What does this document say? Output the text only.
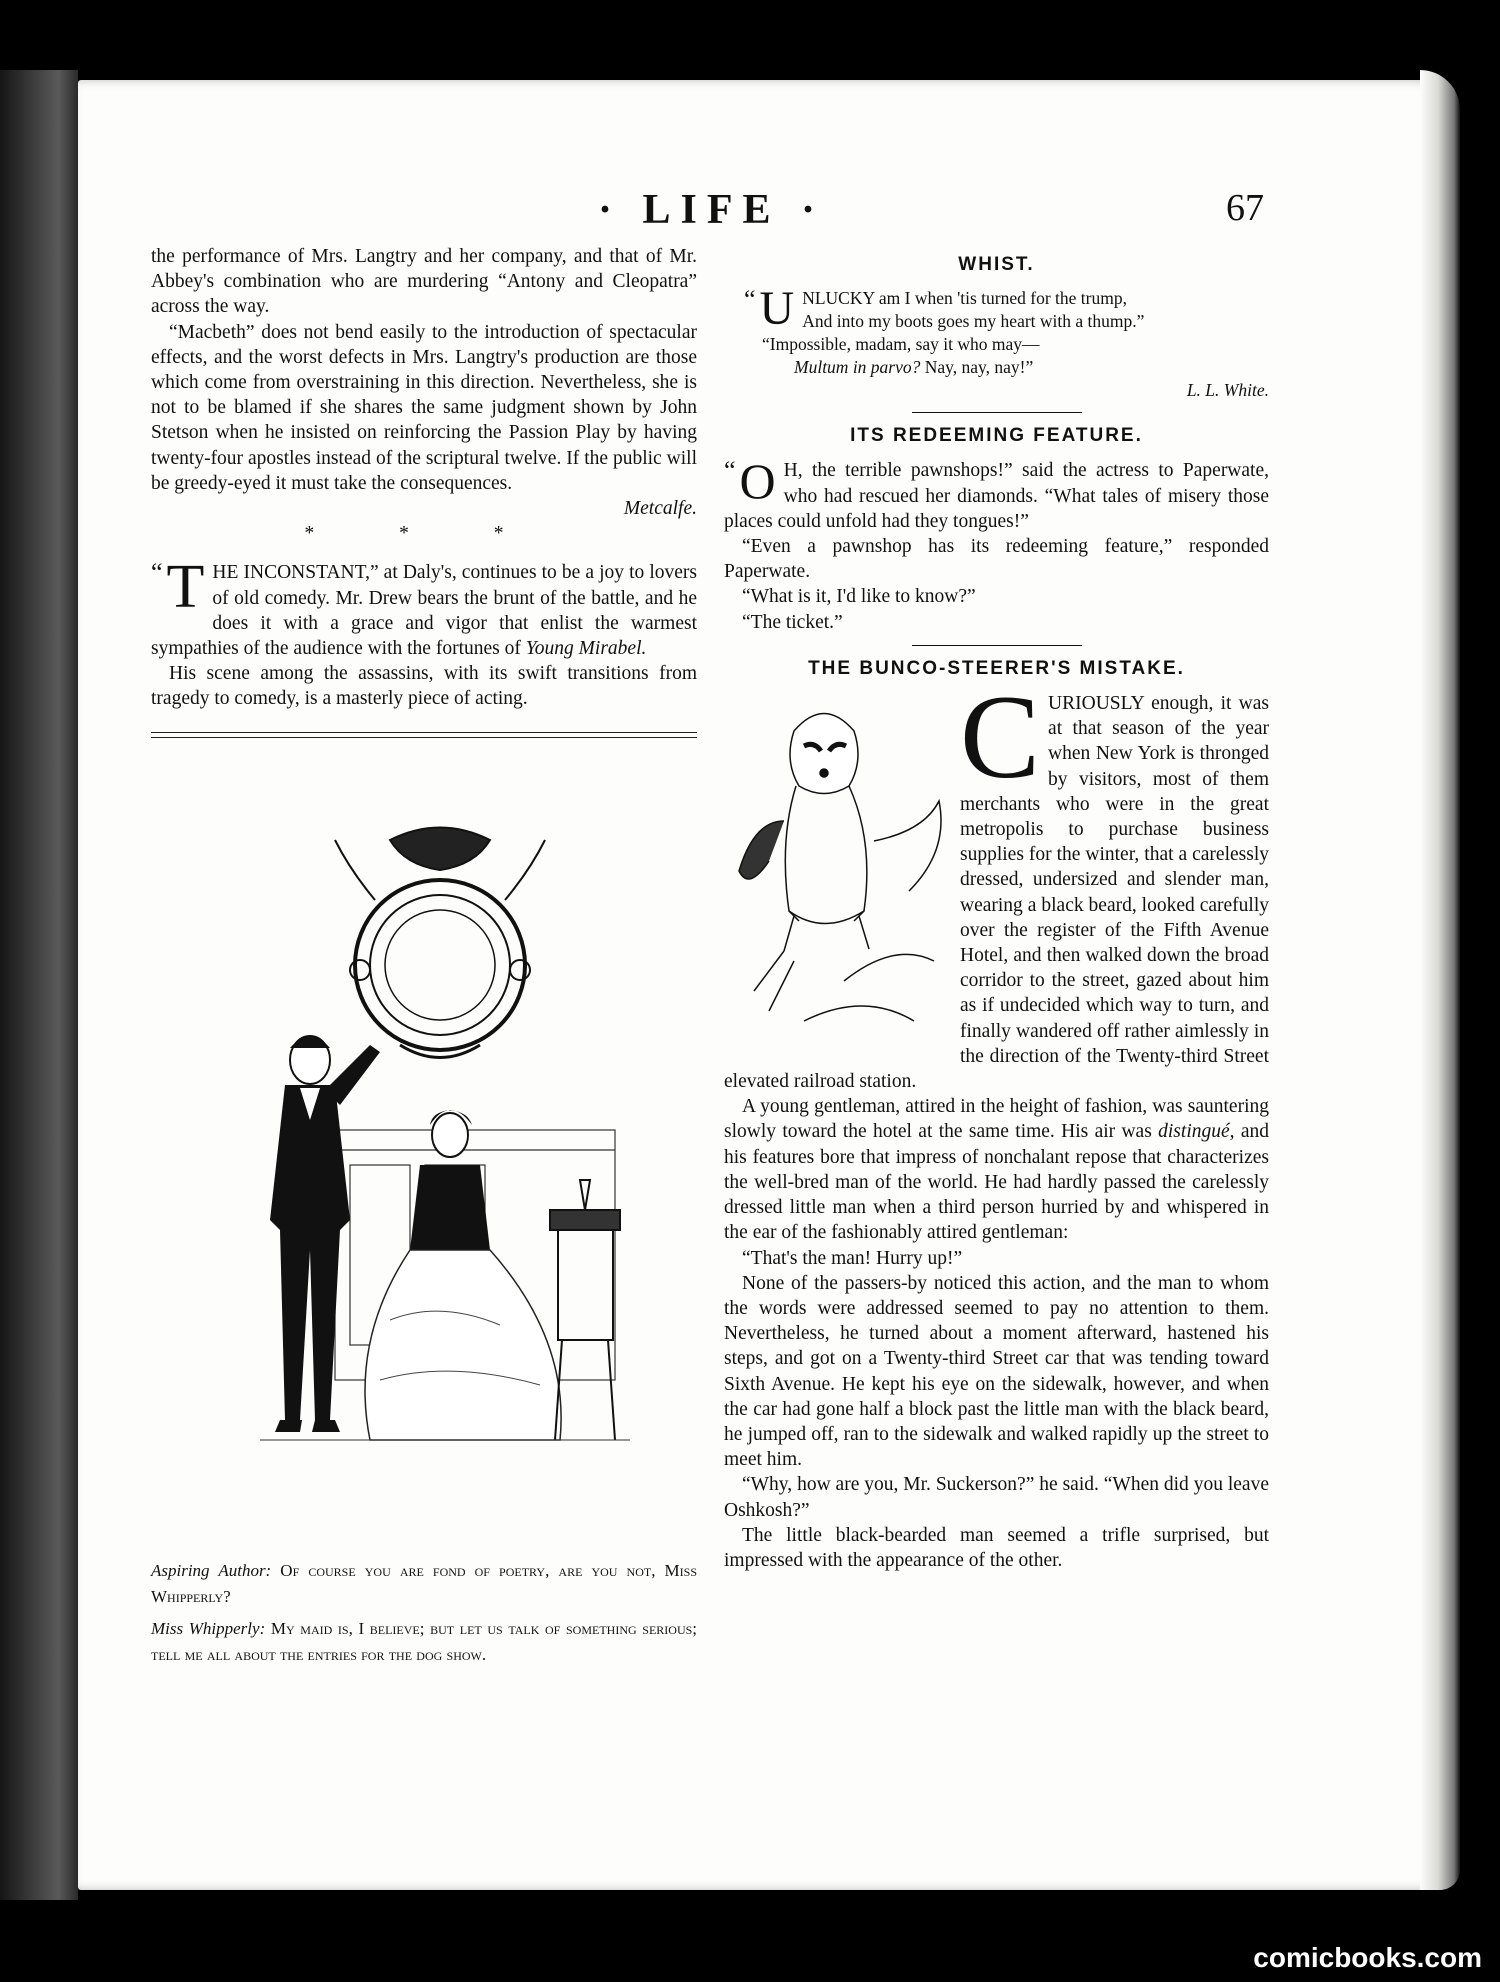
· LIFE ·	67

the performance of Mrs. Langtry and her company, and that of Mr. Abbey's combination who are murdering “Antony and Cleopatra” across the way.

“Macbeth” does not bend easily to the introduction of spectacular effects, and the worst defects in Mrs. Langtry's production are those which come from overstraining in this direction. Nevertheless, she is not to be blamed if she shares the same judgment shown by John Stetson when he insisted on reinforcing the Passion Play by having twenty-four apostles instead of the scriptural twelve. If the public will be greedy-eyed it must take the consequences.

Metcalfe.

* * *

“ T HE INCONSTANT,” at Daly's, continues to be a joy to lovers of old comedy. Mr. Drew bears the brunt of the battle, and he does it with a grace and vigor that enlist the warmest sympathies of the audience with the fortunes of Young Mirabel.

His scene among the assassins, with its swift transitions from tragedy to comedy, is a masterly piece of acting.

Aspiring Author: Of course you are fond of poetry, are you not, Miss Whipperly?

Miss Whipperly: My maid is, I believe; but let us talk of something serious; tell me all about the entries for the dog show.

WHIST.
“ U NLUCKY am I when 'tis turned for the trump,
And into my boots goes my heart with a thump.”
“Impossible, madam, say it who may—
Multum in parvo? Nay, nay, nay!”
L. L. White.
ITS REDEEMING FEATURE.

“ O H, the terrible pawnshops!” said the actress to Paperwate, who had rescued her diamonds. “What tales of misery those places could unfold had they tongues!”

“Even a pawnshop has its redeeming feature,” responded Paperwate.

“What is it, I'd like to know?”

“The ticket.”

THE BUNCO-STEERER'S MISTAKE.

C URIOUSLY enough, it was at that season of the year when New York is thronged by visitors, most of them merchants who were in the great metropolis to purchase business supplies for the winter, that a carelessly dressed, undersized and slender man, wearing a black beard, looked carefully over the register of the Fifth Avenue Hotel, and then walked down the broad corridor to the street, gazed about him as if undecided which way to turn, and finally wandered off rather aimlessly in the direction of the Twenty-third Street elevated railroad station.

A young gentleman, attired in the height of fashion, was sauntering slowly toward the hotel at the same time. His air was distingué, and his features bore that impress of nonchalant repose that characterizes the well-bred man of the world. He had hardly passed the carelessly dressed little man when a third person hurried by and whispered in the ear of the fashionably attired gentleman:

“That's the man! Hurry up!”

None of the passers-by noticed this action, and the man to whom the words were addressed seemed to pay no attention to them. Nevertheless, he turned about a moment afterward, hastened his steps, and got on a Twenty-third Street car that was tending toward Sixth Avenue. He kept his eye on the sidewalk, however, and when the car had gone half a block past the little man with the black beard, he jumped off, ran to the sidewalk and walked rapidly up the street to meet him.

“Why, how are you, Mr. Suckerson?” he said. “When did you leave Oshkosh?”

The little black-bearded man seemed a trifle surprised, but impressed with the appearance of the other.

comicbooks.com
